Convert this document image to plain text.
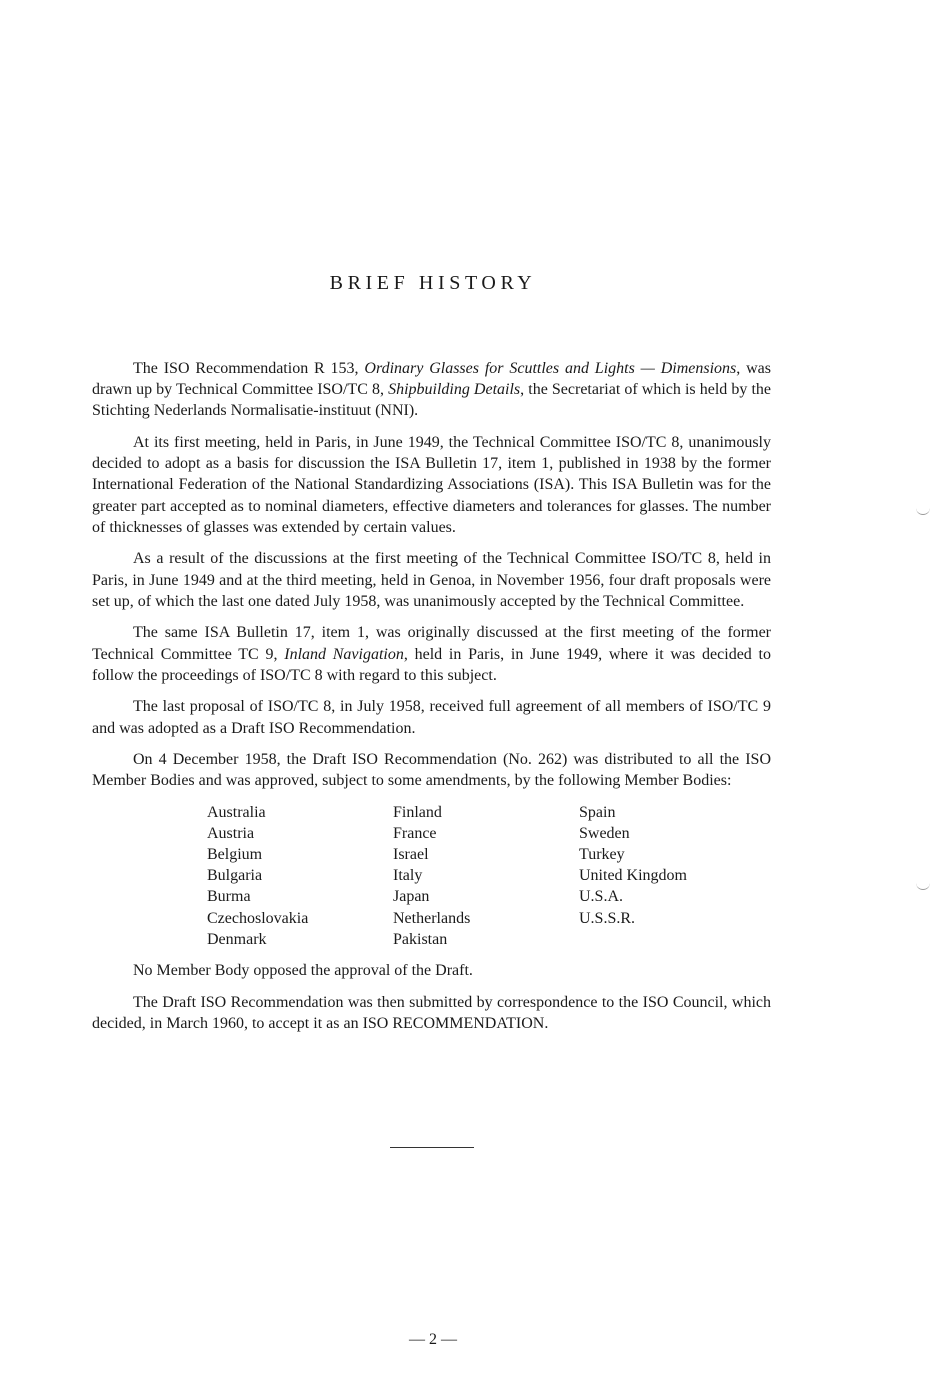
BRIEF HISTORY

The ISO Recommendation R 153, Ordinary Glasses for Scuttles and Lights — Dimensions, was drawn up by Technical Committee ISO/TC 8, Shipbuilding Details, the Secretariat of which is held by the Stichting Nederlands Normalisatie-instituut (NNI).

At its first meeting, held in Paris, in June 1949, the Technical Committee ISO/TC 8, unanimously decided to adopt as a basis for discussion the ISA Bulletin 17, item 1, published in 1938 by the former International Federation of the National Standardizing Associations (ISA). This ISA Bulletin was for the greater part accepted as to nominal diameters, effective diameters and tolerances for glasses. The number of thicknesses of glasses was extended by certain values.

As a result of the discussions at the first meeting of the Technical Committee ISO/TC 8, held in Paris, in June 1949 and at the third meeting, held in Genoa, in November 1956, four draft proposals were set up, of which the last one dated July 1958, was unanimously accepted by the Technical Committee.

The same ISA Bulletin 17, item 1, was originally discussed at the first meeting of the former Technical Committee TC 9, Inland Navigation, held in Paris, in June 1949, where it was decided to follow the proceedings of ISO/TC 8 with regard to this subject.

The last proposal of ISO/TC 8, in July 1958, received full agreement of all members of ISO/TC 9 and was adopted as a Draft ISO Recommendation.

On 4 December 1958, the Draft ISO Recommendation (No. 262) was distributed to all the ISO Member Bodies and was approved, subject to some amendments, by the following Member Bodies:

Australia
Austria
Belgium
Bulgaria
Burma
Czechoslovakia
Denmark
Finland
France
Israel
Italy
Japan
Netherlands
Pakistan
Spain
Sweden
Turkey
United Kingdom
U.S.A.
U.S.S.R.

No Member Body opposed the approval of the Draft.

The Draft ISO Recommendation was then submitted by correspondence to the ISO Council, which decided, in March 1960, to accept it as an ISO RECOMMENDATION.

— 2 —
